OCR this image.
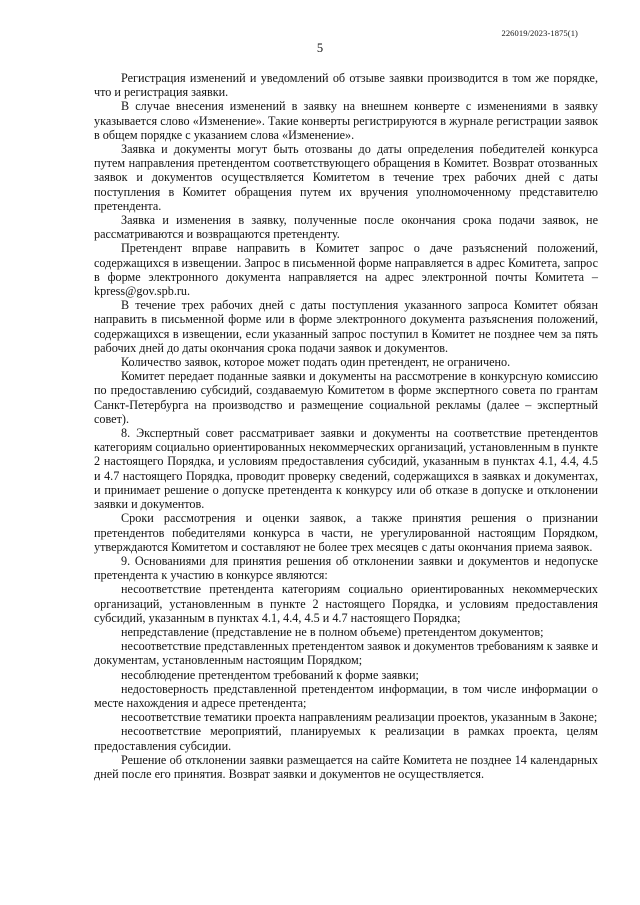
226019/2023-1875(1)
5

Регистрация изменений и уведомлений об отзыве заявки производится в том же порядке, что и регистрация заявки.

В случае внесения изменений в заявку на внешнем конверте с изменениями в заявку указывается слово «Изменение». Такие конверты регистрируются в журнале регистрации заявок в общем порядке с указанием слова «Изменение».

Заявка и документы могут быть отозваны до даты определения победителей конкурса путем направления претендентом соответствующего обращения в Комитет. Возврат отозванных заявок и документов осуществляется Комитетом в течение трех рабочих дней с даты поступления в Комитет обращения путем их вручения уполномоченному представителю претендента.

Заявка и изменения в заявку, полученные после окончания срока подачи заявок, не рассматриваются и возвращаются претенденту.

Претендент вправе направить в Комитет запрос о даче разъяснений положений, содержащихся в извещении. Запрос в письменной форме направляется в адрес Комитета, запрос в форме электронного документа направляется на адрес электронной почты Комитета – kpress@gov.spb.ru.

В течение трех рабочих дней с даты поступления указанного запроса Комитет обязан направить в письменной форме или в форме электронного документа разъяснения положений, содержащихся в извещении, если указанный запрос поступил в Комитет не позднее чем за пять рабочих дней до даты окончания срока подачи заявок и документов.

Количество заявок, которое может подать один претендент, не ограничено.

Комитет передает поданные заявки и документы на рассмотрение в конкурсную комиссию по предоставлению субсидий, создаваемую Комитетом в форме экспертного совета по грантам Санкт-Петербурга на производство и размещение социальной рекламы (далее – экспертный совет).

8. Экспертный совет рассматривает заявки и документы на соответствие претендентов категориям социально ориентированных некоммерческих организаций, установленным в пункте 2 настоящего Порядка, и условиям предоставления субсидий, указанным в пунктах 4.1, 4.4, 4.5 и 4.7 настоящего Порядка, проводит проверку сведений, содержащихся в заявках и документах, и принимает решение о допуске претендента к конкурсу или об отказе в допуске и отклонении заявки и документов.

Сроки рассмотрения и оценки заявок, а также принятия решения о признании претендентов победителями конкурса в части, не урегулированной настоящим Порядком, утверждаются Комитетом и составляют не более трех месяцев с даты окончания приема заявок.

9. Основаниями для принятия решения об отклонении заявки и документов и недопуске претендента к участию в конкурсе являются:

несоответствие претендента категориям социально ориентированных некоммерческих организаций, установленным в пункте 2 настоящего Порядка, и условиям предоставления субсидий, указанным в пунктах 4.1, 4.4, 4.5 и 4.7 настоящего Порядка;

непредставление (представление не в полном объеме) претендентом документов;

несоответствие представленных претендентом заявок и документов требованиям к заявке и документам, установленным настоящим Порядком;

несоблюдение претендентом требований к форме заявки;

недостоверность представленной претендентом информации, в том числе информации о месте нахождения и адресе претендента;

несоответствие тематики проекта направлениям реализации проектов, указанным в Законе;

несоответствие мероприятий, планируемых к реализации в рамках проекта, целям предоставления субсидии.

Решение об отклонении заявки размещается на сайте Комитета не позднее 14 календарных дней после его принятия. Возврат заявки и документов не осуществляется.
